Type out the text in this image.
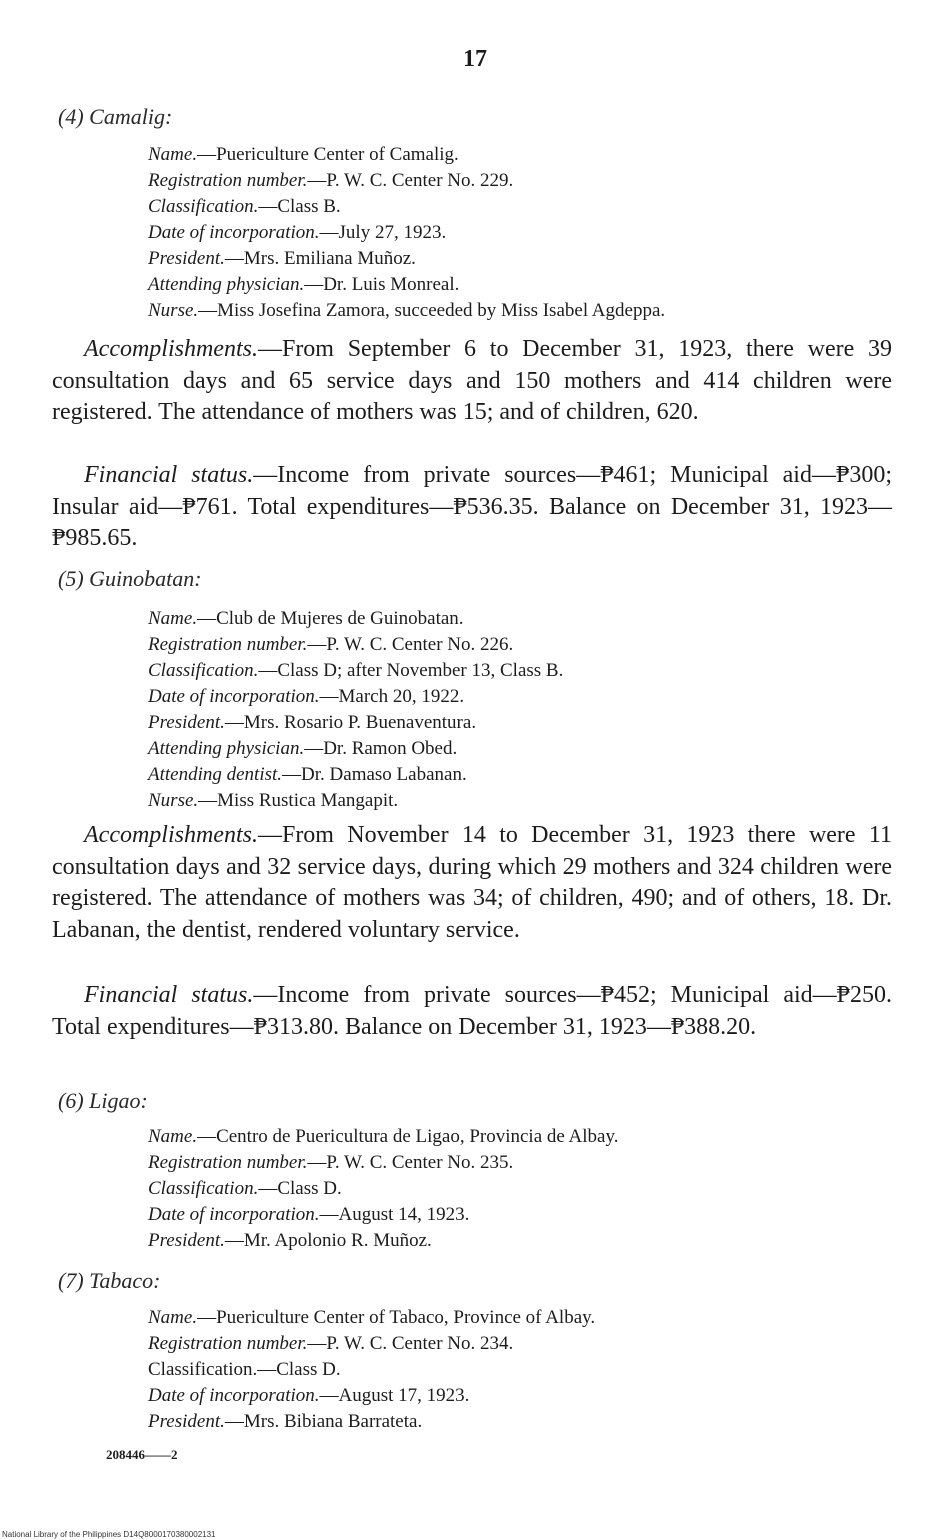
17
(4) Camalig:
Name.—Puericulture Center of Camalig.
Registration number.—P. W. C. Center No. 229.
Classification.—Class B.
Date of incorporation.—July 27, 1923.
President.—Mrs. Emiliana Muñoz.
Attending physician.—Dr. Luis Monreal.
Nurse.—Miss Josefina Zamora, succeeded by Miss Isabel Agdeppa.
Accomplishments.—From September 6 to December 31, 1923, there were 39 consultation days and 65 service days and 150 mothers and 414 children were registered. The attendance of mothers was 15; and of children, 620.
Financial status.—Income from private sources—₱461; Municipal aid—₱300; Insular aid—₱761. Total expenditures—₱536.35. Balance on December 31, 1923—₱985.65.
(5) Guinobatan:
Name.—Club de Mujeres de Guinobatan.
Registration number.—P. W. C. Center No. 226.
Classification.—Class D; after November 13, Class B.
Date of incorporation.—March 20, 1922.
President.—Mrs. Rosario P. Buenaventura.
Attending physician.—Dr. Ramon Obed.
Attending dentist.—Dr. Damaso Labanan.
Nurse.—Miss Rustica Mangapit.
Accomplishments.—From November 14 to December 31, 1923 there were 11 consultation days and 32 service days, during which 29 mothers and 324 children were registered. The attendance of mothers was 34; of children, 490; and of others, 18. Dr. Labanan, the dentist, rendered voluntary service.
Financial status.—Income from private sources—₱452; Municipal aid—₱250. Total expenditures—₱313.80. Balance on December 31, 1923—₱388.20.
(6) Ligao:
Name.—Centro de Puericultura de Ligao, Provincia de Albay.
Registration number.—P. W. C. Center No. 235.
Classification.—Class D.
Date of incorporation.—August 14, 1923.
President.—Mr. Apolonio R. Muñoz.
(7) Tabaco:
Name.—Puericulture Center of Tabaco, Province of Albay.
Registration number.—P. W. C. Center No. 234.
Classification.—Class D.
Date of incorporation.—August 17, 1923.
President.—Mrs. Bibiana Barrateta.
208446——2
National Library of the Philippines D14Q8000170380002131
